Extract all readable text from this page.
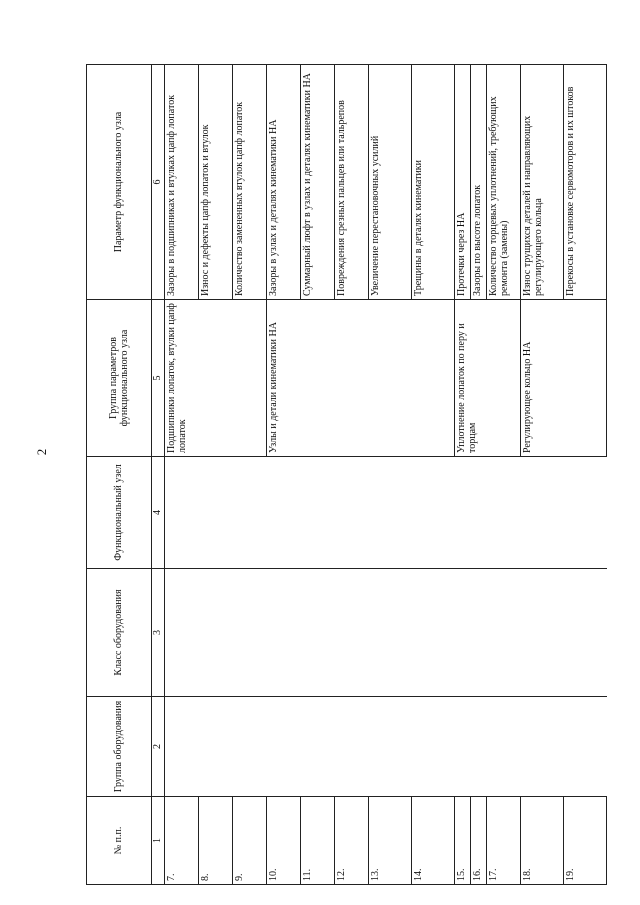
2
№ п.п.	Группа оборудования	Класс оборудования	Функциональный узел	Группа параметров функционального узла	Параметр функционального узла
1	2	3	4	5	6
7.				Подшипники лопаток, втулки цапф лопаток	Зазоры в подшипниках и втулках цапф лопаток
8.					Износ и дефекты цапф лопаток и втулок
9.					Количество замененных втулок цапф лопаток
10.				Узлы и детали кинематики НА	Зазоры в узлах и деталях кинематики НА
11.					Суммарный люфт в узлах и деталях кинематики НА
12.					Повреждения срезных пальцев или тальрепов
13.					Увеличение перестановочных усилий
14.					Трещины в деталях кинематики
15.				Уплотнение лопаток по перу и торцам	Протечки через НА
16.					Зазоры по высоте лопаток
17.					Количество торцевых уплотнений, требующих ремонта (замены)
18.				Регулирующее кольцо НА	Износ трущихся деталей и направляющих регулирующего кольца
19.					Перекосы в установке сервомоторов и их штоков
